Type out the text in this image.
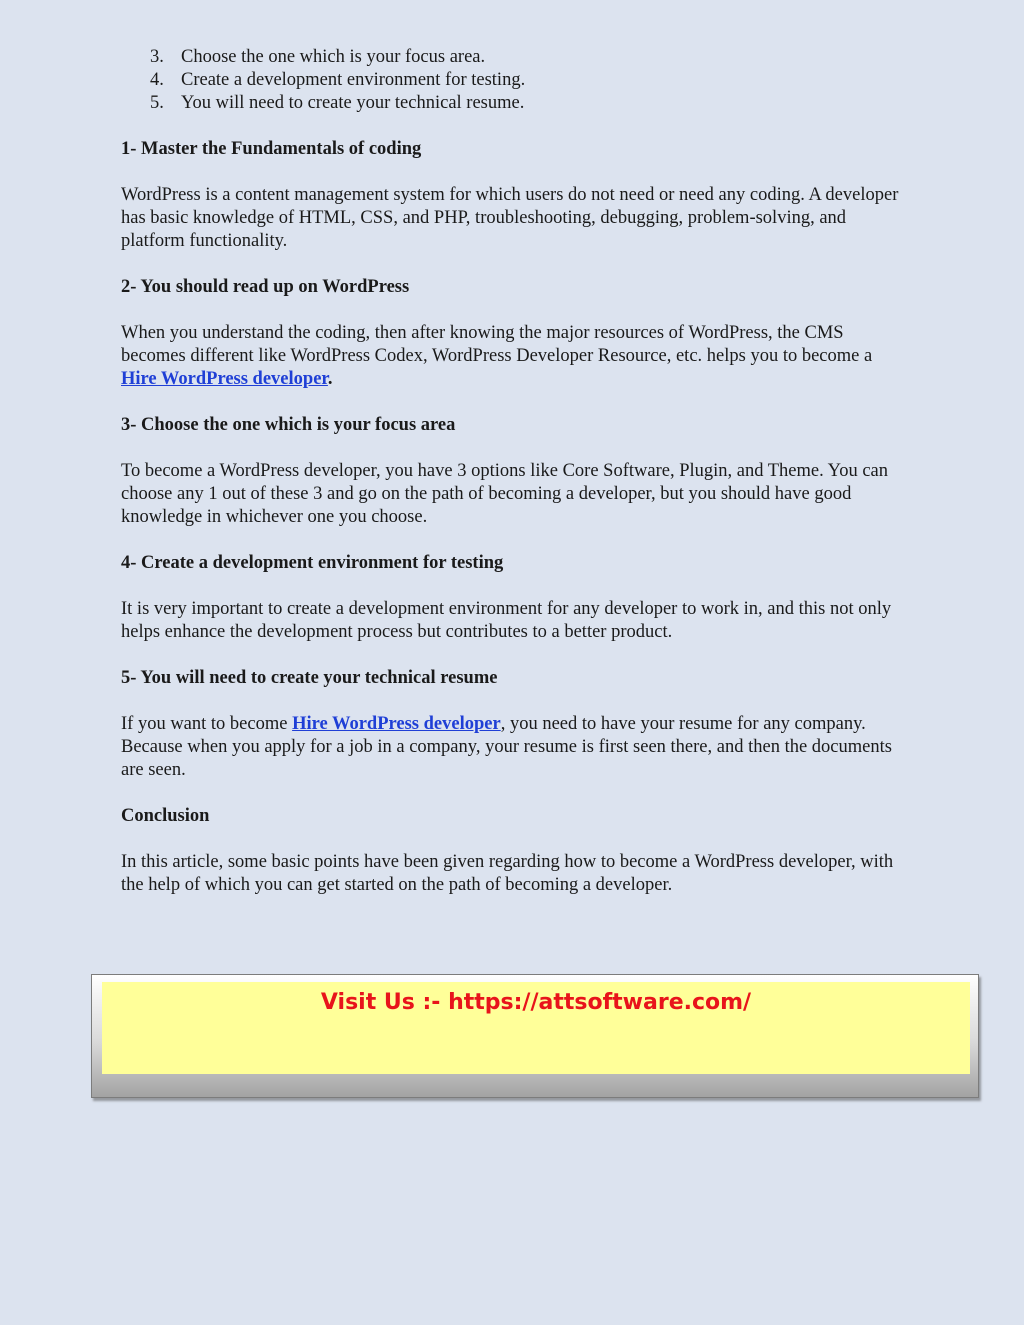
3. Choose the one which is your focus area.
4. Create a development environment for testing.
5. You will need to create your technical resume.
1- Master the Fundamentals of coding

WordPress is a content management system for which users do not need or need any coding. A developer has basic knowledge of HTML, CSS, and PHP, troubleshooting, debugging, problem-solving, and platform functionality.

2- You should read up on WordPress

When you understand the coding, then after knowing the major resources of WordPress, the CMS becomes different like WordPress Codex, WordPress Developer Resource, etc. helps you to become a Hire WordPress developer.

3- Choose the one which is your focus area

To become a WordPress developer, you have 3 options like Core Software, Plugin, and Theme. You can choose any 1 out of these 3 and go on the path of becoming a developer, but you should have good knowledge in whichever one you choose.

4- Create a development environment for testing

It is very important to create a development environment for any developer to work in, and this not only helps enhance the development process but contributes to a better product.

5- You will need to create your technical resume

If you want to become Hire WordPress developer, you need to have your resume for any company. Because when you apply for a job in a company, your resume is first seen there, and then the documents are seen.

Conclusion

In this article, some basic points have been given regarding how to become a WordPress developer, with the help of which you can get started on the path of becoming a developer.

Visit Us :- https://attsoftware.com/
